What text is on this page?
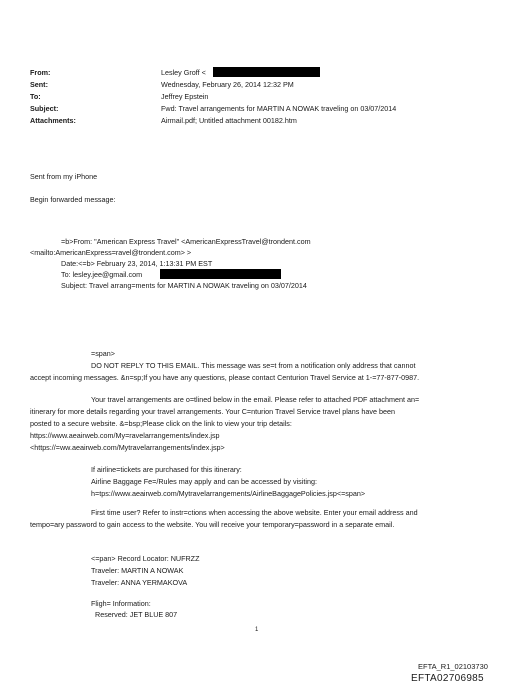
From:	Lesley Groff <
Sent:	Wednesday, February 26, 2014 12:32 PM
To:	Jeffrey Epstein
Subject:	Fwd: Travel arrangements for MARTIN A NOWAK traveling on 03/07/2014
Attachments:	Airmail.pdf; Untitled attachment 00182.htm
Sent from my iPhone
Begin forwarded message:
=b>From: "American Express Travel" <AmericanExpressTravel@trondent.com
<mailto:AmericanExpress=ravel@trondent.com> >
Date:<=b> February 23, 2014, 1:13:31 PM EST
To: lesley.jee@gmail.com
Subject: Travel arrang=ments for MARTIN A NOWAK traveling on 03/07/2014
=span>
DO NOT REPLY TO THIS EMAIL. This message was se=t from a notification only address that cannot
accept incoming messages. &n=sp;If you have any questions, please contact Centurion Travel Service at 1-=77-877-0987.
Your travel arrangements are o=tlined below in the email. Please refer to attached PDF attachment an=
itinerary for more details regarding your travel arrangements. Your C=nturion Travel Service travel plans have been
posted to a secure website. &=bsp;Please click on the link to view your trip details:
https://www.aeairweb.com/My=ravelarrangements/index.jsp
<https://=ww.aeairweb.com/Mytravelarrangements/index.jsp>
If airline=tickets are purchased for this itinerary:
Airline Baggage Fe=/Rules may apply and can be accessed by visiting:
h=tps://www.aeairweb.com/Mytravelarrangements/AirlineBaggagePolicies.jsp<=span>
First time user? Refer to instr=ctions when accessing the above website. Enter your email address and
tempo=ary password to gain access to the website. You will receive your temporary=password in a separate email.
<=pan> Record Locator: NUFRZZ
Traveler: MARTIN A NOWAK
Traveler: ANNA YERMAKOVA
Fligh= Information:
Reserved: JET BLUE 807
1
EFTA_R1_02103730
EFTA02706985
